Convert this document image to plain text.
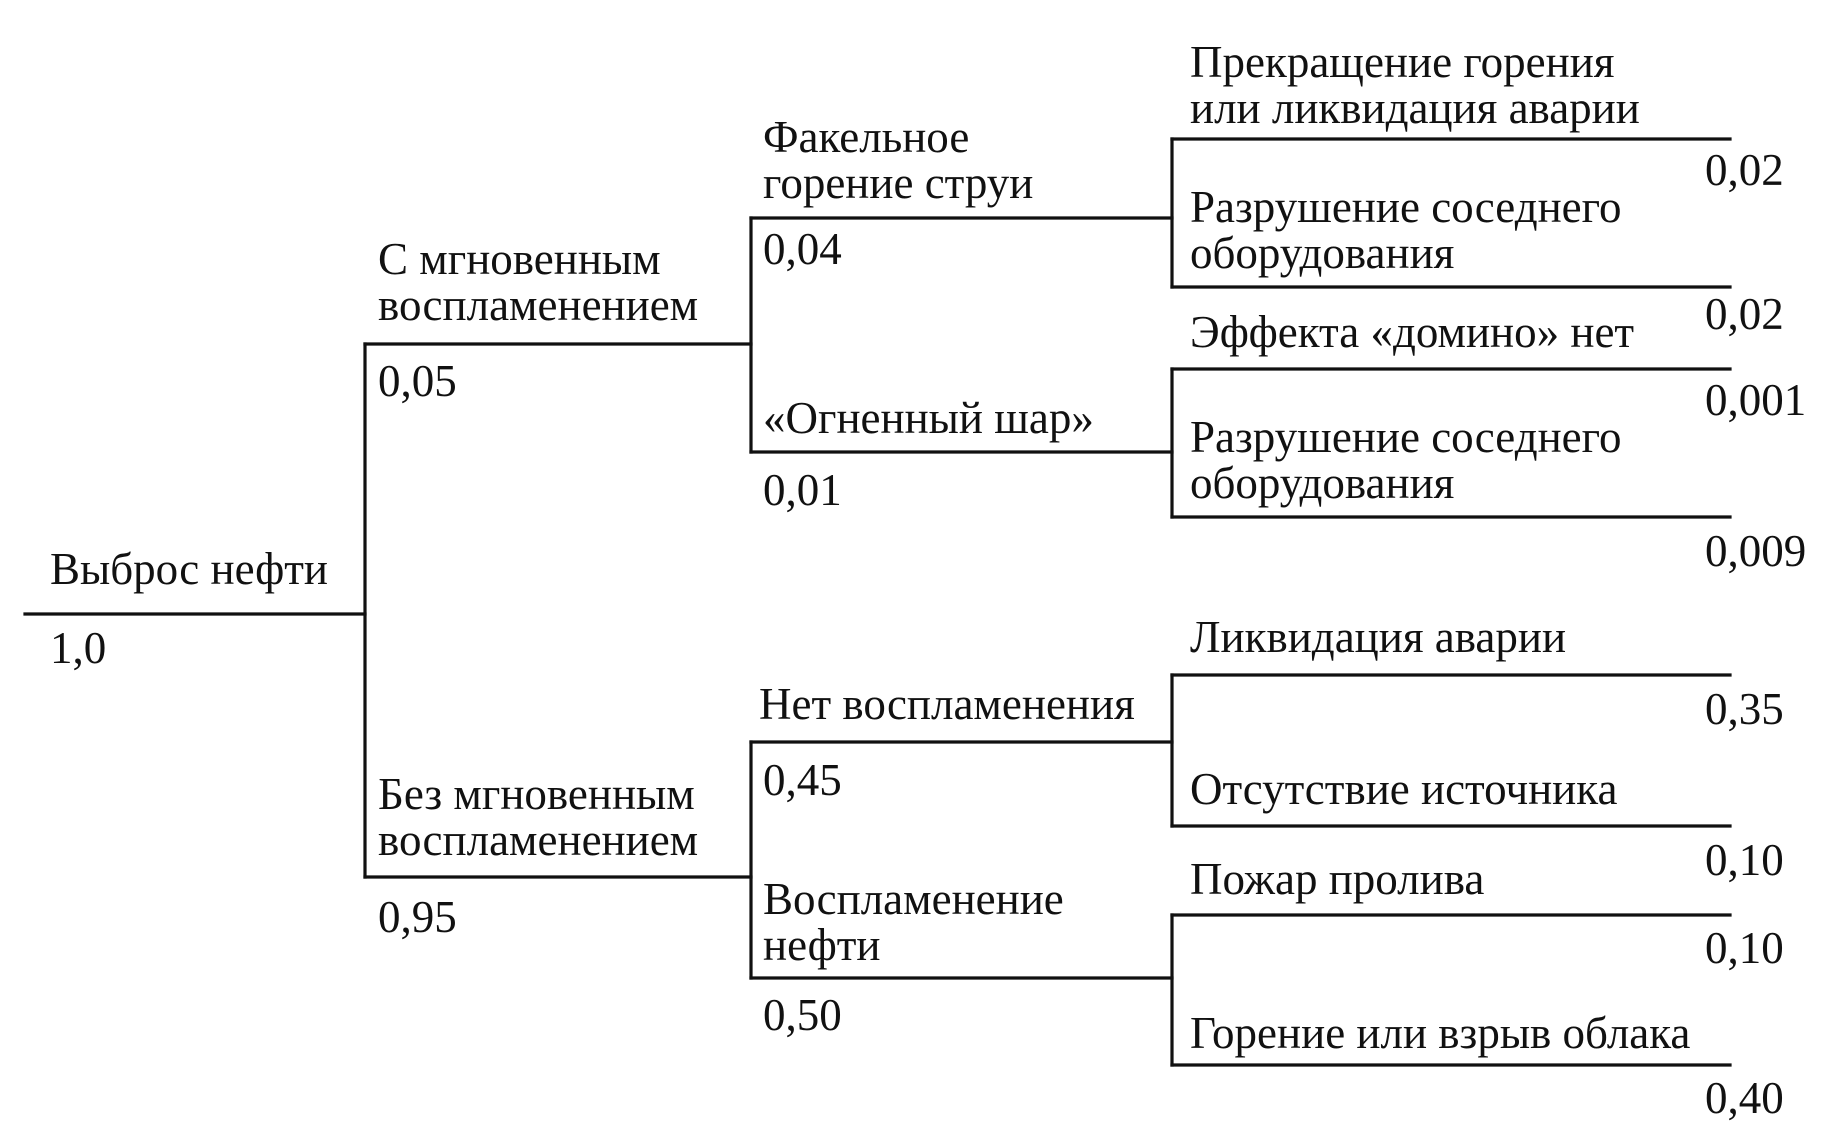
Выброс нефти
1,0
С мгновенным воспламенением
0,05
Без мгновенным воспламенением
0,95
Факельное горение струи
0,04
«Огненный шар»
0,01
Нет воспламенения
0,45
Воспламенение нефти
0,50
Прекращение горения или ликвидация аварии
0,02
Разрушение соседнего оборудования
0,02
Эффекта «домино» нет
0,001
Разрушение соседнего оборудования
0,009
Ликвидация аварии
0,35
Отсутствие источника
0,10
Пожар пролива
0,10
Горение или взрыв облака
0,40
